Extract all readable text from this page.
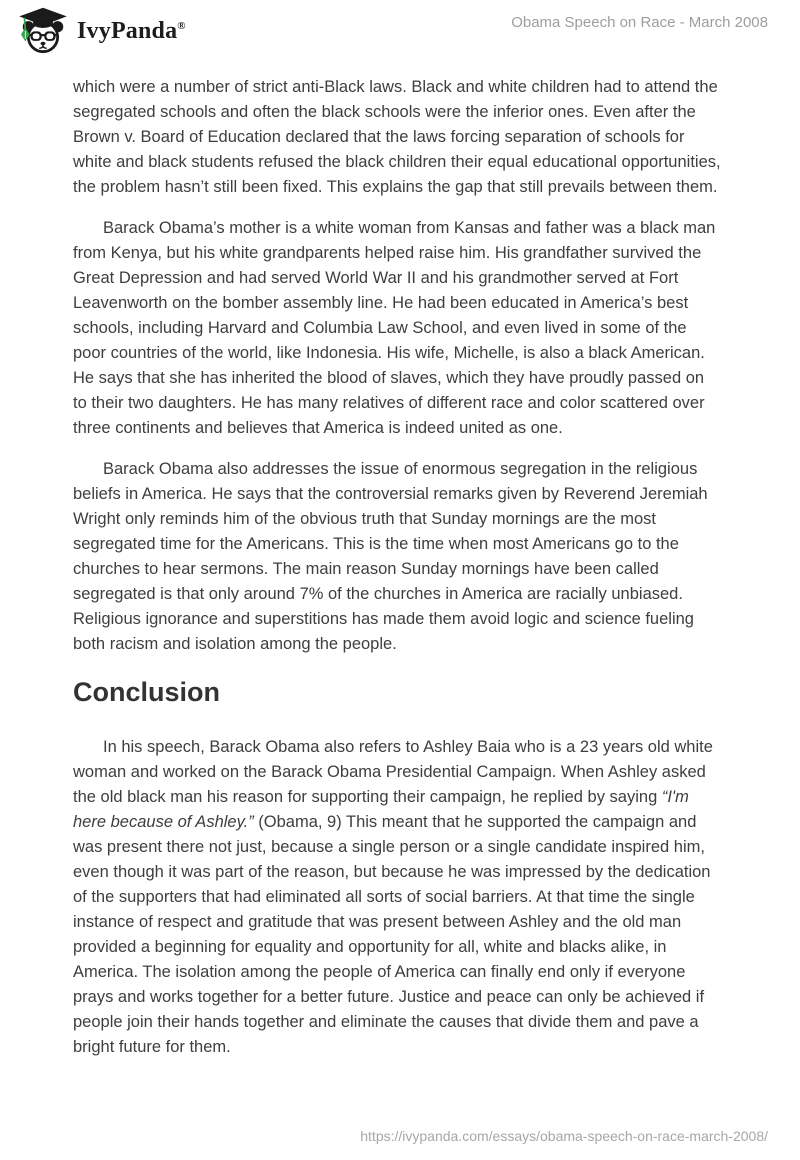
IvyPanda®	Obama Speech on Race - March 2008

which were a number of strict anti-Black laws. Black and white children had to attend the segregated schools and often the black schools were the inferior ones. Even after the Brown v. Board of Education declared that the laws forcing separation of schools for white and black students refused the black children their equal educational opportunities, the problem hasn’t still been fixed. This explains the gap that still prevails between them.

Barack Obama’s mother is a white woman from Kansas and father was a black man from Kenya, but his white grandparents helped raise him. His grandfather survived the Great Depression and had served World War II and his grandmother served at Fort Leavenworth on the bomber assembly line. He had been educated in America’s best schools, including Harvard and Columbia Law School, and even lived in some of the poor countries of the world, like Indonesia. His wife, Michelle, is also a black American. He says that she has inherited the blood of slaves, which they have proudly passed on to their two daughters. He has many relatives of different race and color scattered over three continents and believes that America is indeed united as one.

Barack Obama also addresses the issue of enormous segregation in the religious beliefs in America. He says that the controversial remarks given by Reverend Jeremiah Wright only reminds him of the obvious truth that Sunday mornings are the most segregated time for the Americans. This is the time when most Americans go to the churches to hear sermons. The main reason Sunday mornings have been called segregated is that only around 7% of the churches in America are racially unbiased. Religious ignorance and superstitions has made them avoid logic and science fueling both racism and isolation among the people.

Conclusion

In his speech, Barack Obama also refers to Ashley Baia who is a 23 years old white woman and worked on the Barack Obama Presidential Campaign. When Ashley asked the old black man his reason for supporting their campaign, he replied by saying “I'm here because of Ashley.” (Obama, 9) This meant that he supported the campaign and was present there not just, because a single person or a single candidate inspired him, even though it was part of the reason, but because he was impressed by the dedication of the supporters that had eliminated all sorts of social barriers. At that time the single instance of respect and gratitude that was present between Ashley and the old man provided a beginning for equality and opportunity for all, white and blacks alike, in America. The isolation among the people of America can finally end only if everyone prays and works together for a better future. Justice and peace can only be achieved if people join their hands together and eliminate the causes that divide them and pave a bright future for them.

https://ivypanda.com/essays/obama-speech-on-race-march-2008/
